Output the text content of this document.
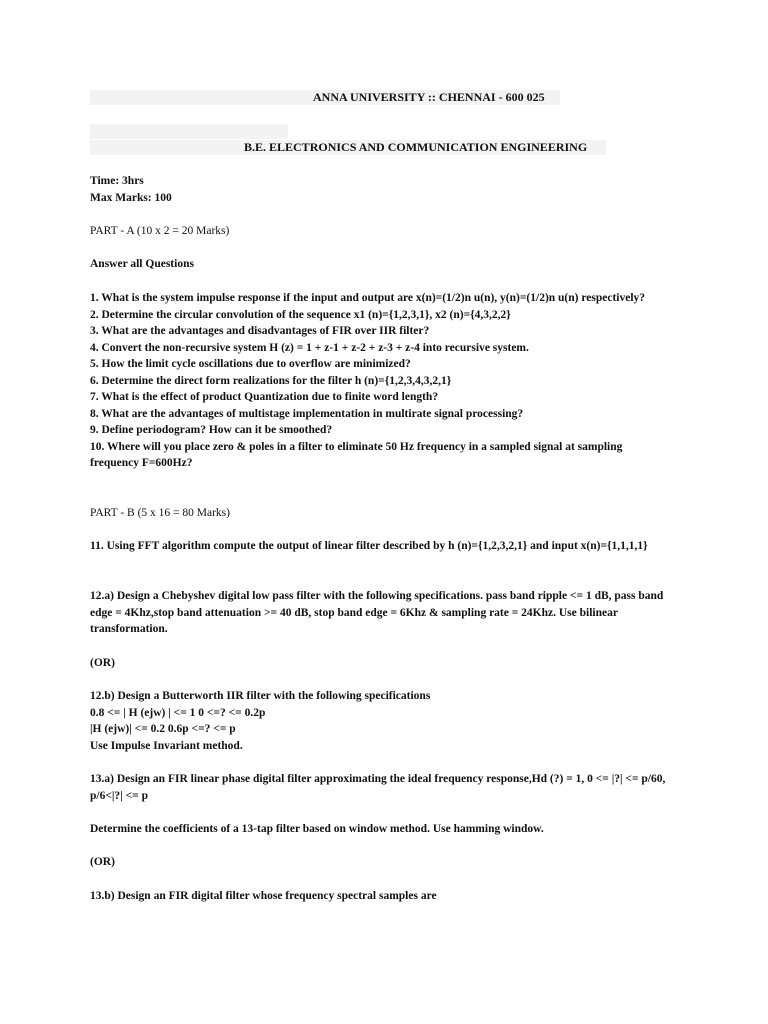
ANNA UNIVERSITY :: CHENNAI - 600 025
B.E. ELECTRONICS AND COMMUNICATION ENGINEERING
Time: 3hrs
Max Marks: 100
PART - A (10 x 2 = 20 Marks)
Answer all Questions
1. What is the system impulse response if the input and output are x(n)=(1/2)n u(n), y(n)=(1/2)n u(n) respectively?
2. Determine the circular convolution of the sequence x1 (n)={1,2,3,1}, x2 (n)={4,3,2,2}
3. What are the advantages and disadvantages of FIR over IIR filter?
4. Convert the non-recursive system H (z) = 1 + z-1 + z-2 + z-3 + z-4 into recursive system.
5. How the limit cycle oscillations due to overflow are minimized?
6. Determine the direct form realizations for the filter h (n)={1,2,3,4,3,2,1}
7. What is the effect of product Quantization due to finite word length?
8. What are the advantages of multistage implementation in multirate signal processing?
9. Define periodogram? How can it be smoothed?
10. Where will you place zero & poles in a filter to eliminate 50 Hz frequency in a sampled signal at sampling frequency F=600Hz?
PART - B (5 x 16 = 80 Marks)
11. Using FFT algorithm compute the output of linear filter described by h (n)={1,2,3,2,1} and input x(n)={1,1,1,1}
12.a) Design a Chebyshev digital low pass filter with the following specifications. pass band ripple <= 1 dB, pass band edge = 4Khz,stop band attenuation >= 40 dB, stop band edge = 6Khz & sampling rate = 24Khz. Use bilinear transformation.
(OR)
12.b) Design a Butterworth IIR filter with the following specifications
0.8 <= | H (ejw) | <= 1 0 <=? <= 0.2p
|H (ejw)| <= 0.2 0.6p <=? <= p
Use Impulse Invariant method.
13.a) Design an FIR linear phase digital filter approximating the ideal frequency response,Hd (?) = 1, 0 <= |?| <= p/60, p/6<|?| <= p
Determine the coefficients of a 13-tap filter based on window method. Use hamming window.
(OR)
13.b) Design an FIR digital filter whose frequency spectral samples are
